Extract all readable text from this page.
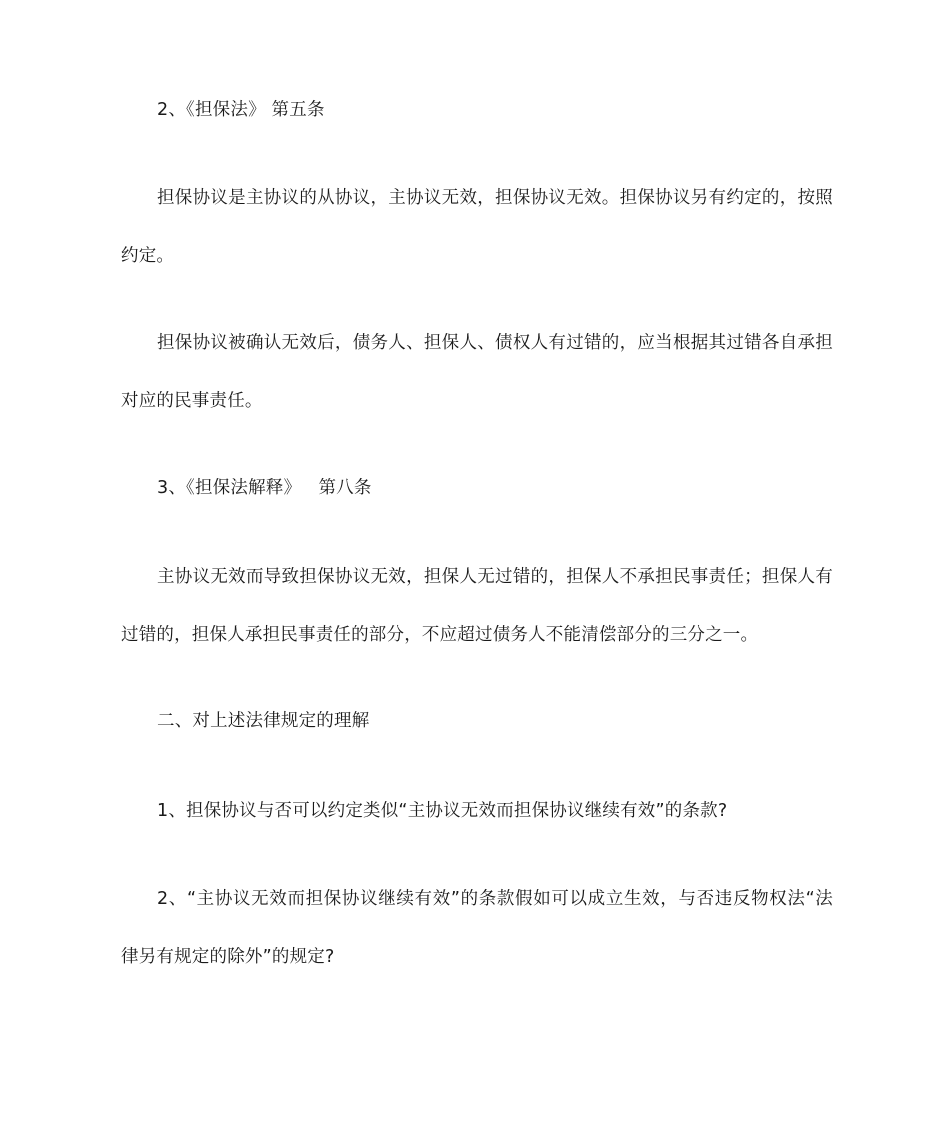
2、《担保法》 第五条

担保协议是主协议的从协议，主协议无效，担保协议无效。担保协议另有约定的，按照约定。

担保协议被确认无效后，债务人、担保人、债权人有过错的，应当根据其过错各自承担对应的民事责任。

3、《担保法解释》   第八条

主协议无效而导致担保协议无效，担保人无过错的，担保人不承担民事责任；担保人有过错的，担保人承担民事责任的部分，不应超过债务人不能清偿部分的三分之一。

二、对上述法律规定的理解

1、担保协议与否可以约定类似“主协议无效而担保协议继续有效”的条款?

2、“主协议无效而担保协议继续有效”的条款假如可以成立生效，与否违反物权法“法律另有规定的除外”的规定?
